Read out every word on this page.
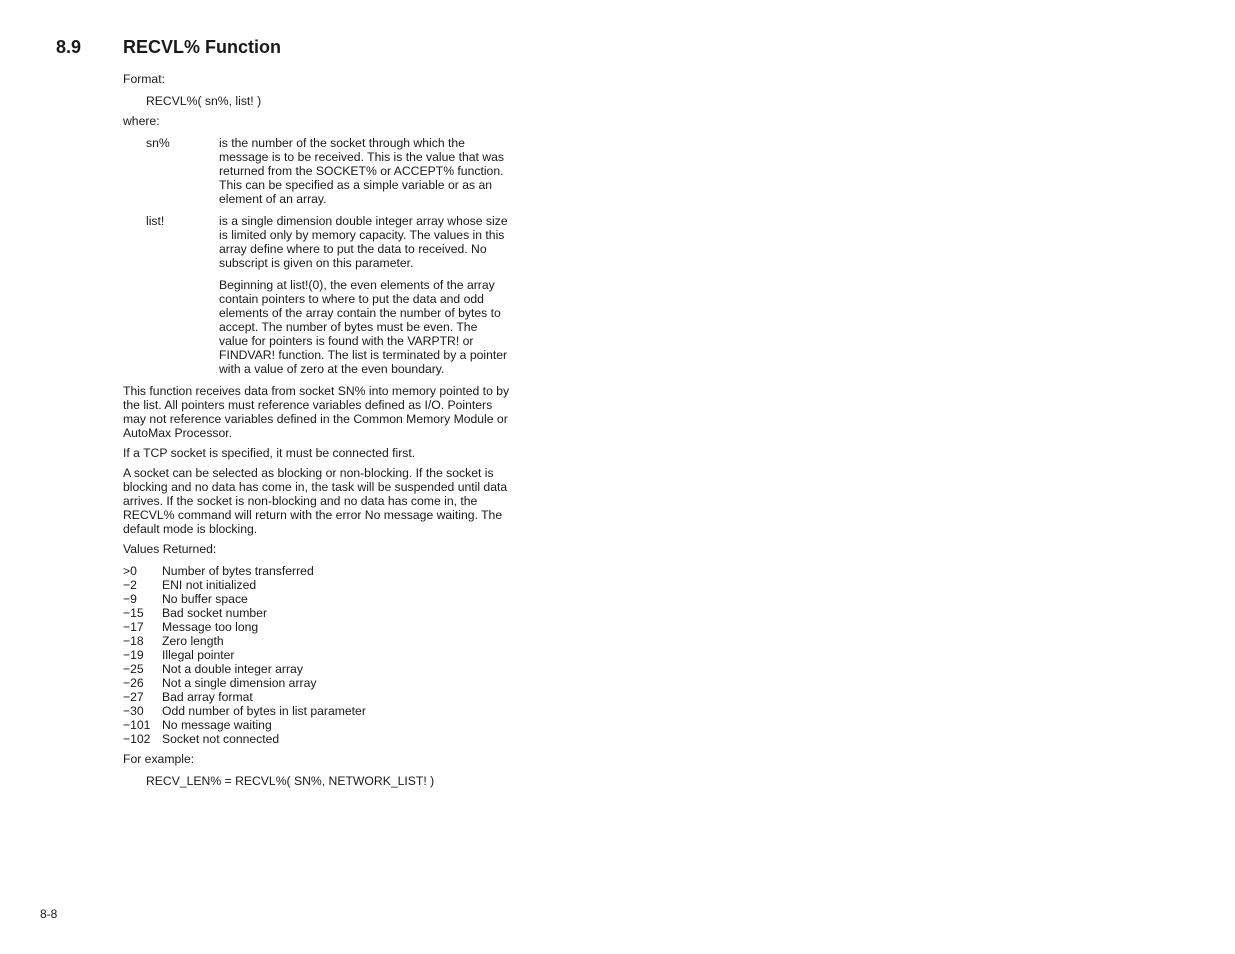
8.9 RECVL% Function

Format:

RECVL%( sn%, list! )

where:

sn%	is the number of the socket through which the message is to be received. This is the value that was returned from the SOCKET% or ACCEPT% function. This can be specified as a simple variable or as an element of an array.

list!	is a single dimension double integer array whose size is limited only by memory capacity. The values in this array define where to put the data to received. No subscript is given on this parameter.

Beginning at list!(0), the even elements of the array contain pointers to where to put the data and odd elements of the array contain the number of bytes to accept. The number of bytes must be even. The value for pointers is found with the VARPTR! or FINDVAR! function. The list is terminated by a pointer with a value of zero at the even boundary.

This function receives data from socket SN% into memory pointed to by the list. All pointers must reference variables defined as I/O. Pointers may not reference variables defined in the Common Memory Module or AutoMax Processor.

If a TCP socket is specified, it must be connected first.

A socket can be selected as blocking or non-blocking. If the socket is blocking and no data has come in, the task will be suspended until data arrives. If the socket is non-blocking and no data has come in, the RECVL% command will return with the error No message waiting. The default mode is blocking.

Values Returned:

>0	Number of bytes transferred
−2	ENI not initialized
−9	No buffer space
−15	Bad socket number
−17	Message too long
−18	Zero length
−19	Illegal pointer
−25	Not a double integer array
−26	Not a single dimension array
−27	Bad array format
−30	Odd number of bytes in list parameter
−101 No message waiting
−102 Socket not connected

For example:

RECV_LEN% = RECVL%( SN%, NETWORK_LIST! )

8-8
